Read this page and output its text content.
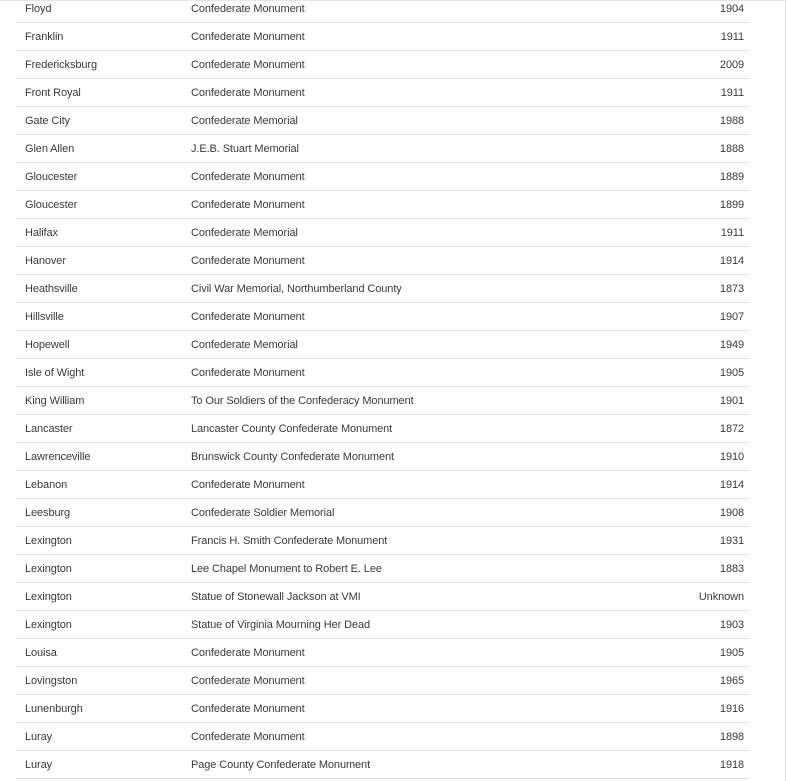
Floyd	Confederate Monument	1904
Franklin	Confederate Monument	1911
Fredericksburg	Confederate Monument	2009
Front Royal	Confederate Monument	1911
Gate City	Confederate Memorial	1988
Glen Allen	J.E.B. Stuart Memorial	1888
Gloucester	Confederate Monument	1889
Gloucester	Confederate Monument	1899
Halifax	Confederate Memorial	1911
Hanover	Confederate Monument	1914
Heathsville	Civil War Memorial, Northumberland County	1873
Hillsville	Confederate Monument	1907
Hopewell	Confederate Memorial	1949
Isle of Wight	Confederate Monument	1905
King William	To Our Soldiers of the Confederacy Monument	1901
Lancaster	Lancaster County Confederate Monument	1872
Lawrenceville	Brunswick County Confederate Monument	1910
Lebanon	Confederate Monument	1914
Leesburg	Confederate Soldier Memorial	1908
Lexington	Francis H. Smith Confederate Monument	1931
Lexington	Lee Chapel Monument to Robert E. Lee	1883
Lexington	Statue of Stonewall Jackson at VMI	Unknown
Lexington	Statue of Virginia Mourning Her Dead	1903
Louisa	Confederate Monument	1905
Lovingston	Confederate Monument	1965
Lunenburgh	Confederate Monument	1916
Luray	Confederate Monument	1898
Luray	Page County Confederate Monument	1918
